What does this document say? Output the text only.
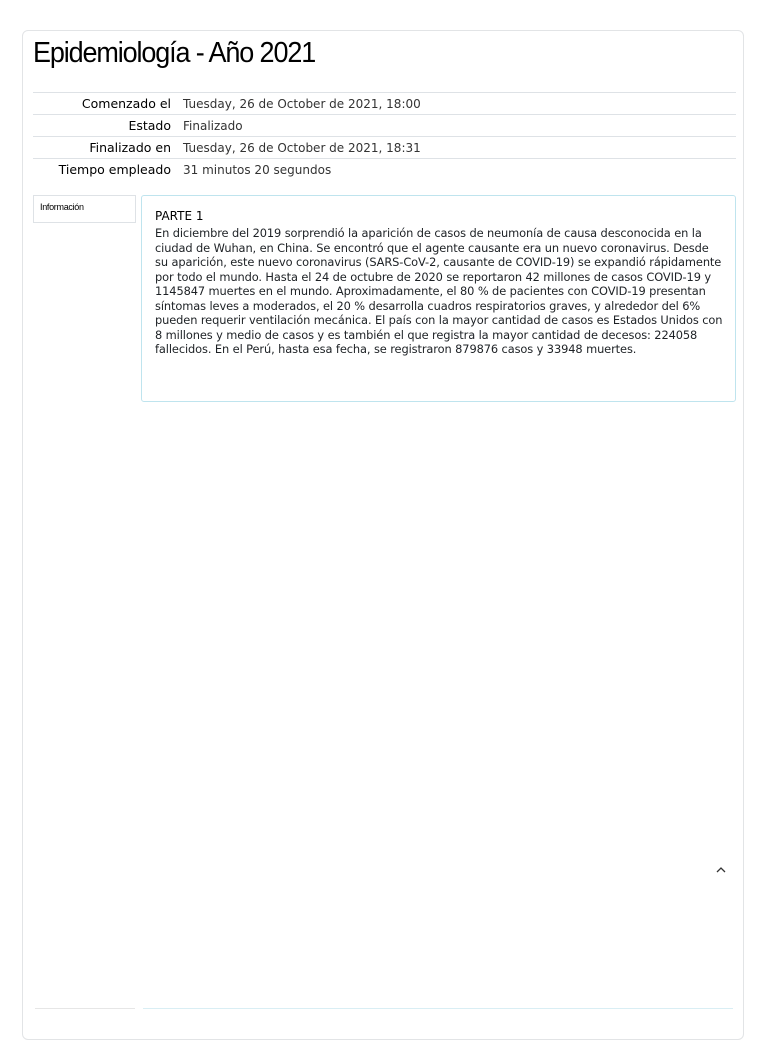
Epidemiología - Año 2021
Comenzado el	Tuesday, 26 de October de 2021, 18:00
Estado	Finalizado
Finalizado en	Tuesday, 26 de October de 2021, 18:31
Tiempo empleado	31 minutos 20 segundos
Información
PARTE 1

En diciembre del 2019 sorprendió la aparición de casos de neumonía de causa desconocida en la ciudad de Wuhan, en China. Se encontró que el agente causante era un nuevo coronavirus. Desde su aparición, este nuevo coronavirus (SARS-CoV-2, causante de COVID-19) se expandió rápidamente por todo el mundo. Hasta el 24 de octubre de 2020 se reportaron 42 millones de casos COVID-19 y 1145847 muertes en el mundo. Aproximadamente, el 80 % de pacientes con COVID-19 presentan síntomas leves a moderados, el 20 % desarrolla cuadros respiratorios graves, y alrededor del 6% pueden requerir ventilación mecánica. El país con la mayor cantidad de casos es Estados Unidos con 8 millones y medio de casos y es también el que registra la mayor cantidad de decesos: 224058 fallecidos. En el Perú, hasta esa fecha, se registraron 879876 casos y 33948 muertes.
